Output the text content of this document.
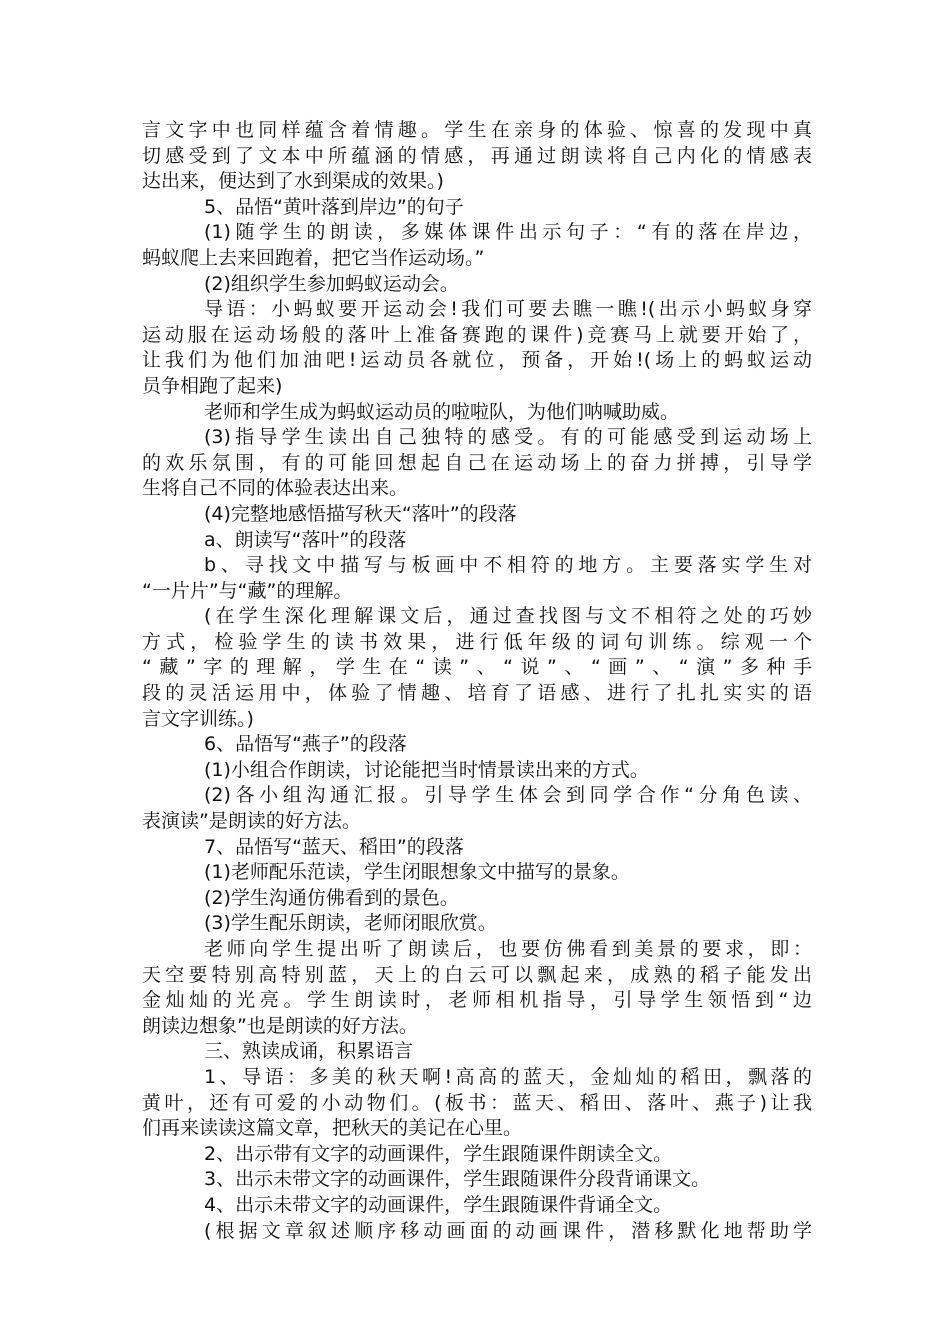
言文字中也同样蕴含着情趣。学生在亲身的体验、惊喜的发现中真
切感受到了文本中所蕴涵的情感，再通过朗读将自己内化的情感表
达出来，便达到了水到渠成的效果。)
5、品悟“黄叶落到岸边”的句子
(1)随学生的朗读，多媒体课件出示句子：“有的落在岸边，
蚂蚁爬上去来回跑着，把它当作运动场。”
(2)组织学生参加蚂蚁运动会。
导语：小蚂蚁要开运动会!我们可要去瞧一瞧!(出示小蚂蚁身穿
运动服在运动场般的落叶上准备赛跑的课件)竞赛马上就要开始了，
让我们为他们加油吧!运动员各就位，预备，开始!(场上的蚂蚁运动
员争相跑了起来)
老师和学生成为蚂蚁运动员的啦啦队，为他们呐喊助威。
(3)指导学生读出自己独特的感受。有的可能感受到运动场上
的欢乐氛围，有的可能回想起自己在运动场上的奋力拼搏，引导学
生将自己不同的体验表达出来。
(4)完整地感悟描写秋天“落叶”的段落
a、朗读写“落叶”的段落
b、寻找文中描写与板画中不相符的地方。主要落实学生对
“一片片”与“藏”的理解。
(在学生深化理解课文后，通过查找图与文不相符之处的巧妙
方式，检验学生的读书效果，进行低年级的词句训练。综观一个
“藏”字的理解，学生在“读”、“说”、“画”、“演”多种手
段的灵活运用中，体验了情趣、培育了语感、进行了扎扎实实的语
言文字训练。)
6、品悟写“燕子”的段落
(1)小组合作朗读，讨论能把当时情景读出来的方式。
(2)各小组沟通汇报。引导学生体会到同学合作“分角色读、
表演读”是朗读的好方法。
7、品悟写“蓝天、稻田”的段落
(1)老师配乐范读，学生闭眼想象文中描写的景象。
(2)学生沟通仿佛看到的景色。
(3)学生配乐朗读，老师闭眼欣赏。
老师向学生提出听了朗读后，也要仿佛看到美景的要求，即：
天空要特别高特别蓝，天上的白云可以飘起来，成熟的稻子能发出
金灿灿的光亮。学生朗读时，老师相机指导，引导学生领悟到“边
朗读边想象”也是朗读的好方法。
三、熟读成诵，积累语言
1、导语：多美的秋天啊!高高的蓝天，金灿灿的稻田，飘落的
黄叶，还有可爱的小动物们。(板书：蓝天、稻田、落叶、燕子)让我
们再来读读这篇文章，把秋天的美记在心里。
2、出示带有文字的动画课件，学生跟随课件朗读全文。
3、出示未带文字的动画课件，学生跟随课件分段背诵课文。
4、出示未带文字的动画课件，学生跟随课件背诵全文。
(根据文章叙述顺序移动画面的动画课件，潜移默化地帮助学
